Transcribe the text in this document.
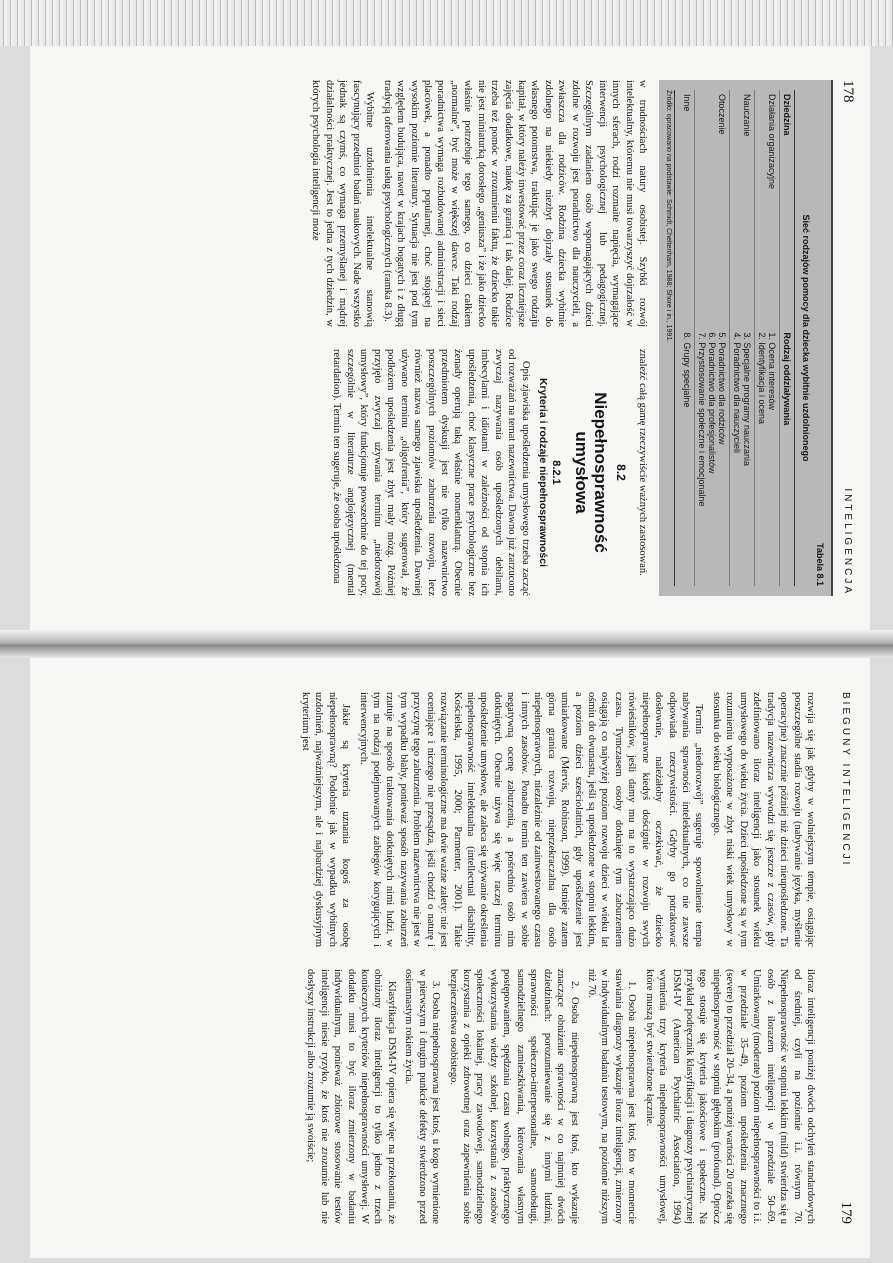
178
INTELIGENCJA
Tabela 8.1
Sieć rodzajów pomocy dla dziecka wybitnie uzdolnionego
Dziedzina
Rodzaj oddziaływania
Działania organizacyjne
1. Ocena interesów
2. Identyfikacja i ocena
Nauczanie
3. Specjalne programy nauczania
4. Poradnictwo dla nauczycieli
Otoczenie
5. Poradnictwo dla rodziców
6. Poradnictwo dla profesjonalistów
7. Przystosowanie społeczne i emocjonalne
Inne
8. Grupy specjalne
Źródło: opracowano na podstawie: Schmidt, Cheltenham, 1988; Shore i in., 1991.

w trudnościach natury osobistej. Szybki rozwój intelektualny, któremu nie musi towarzyszyć dojrzałość w innych sferach, rodzi rozmaite napięcia, wymagające interwencji psychologicznej lub pedagogicznej. Szczególnym zadaniem osób wspomagających dzieci zdolne w rozwoju jest poradnictwo dla nauczycieli, a zwłaszcza dla rodziców. Rodzina dziecka wybitnie zdolnego na niekiedy niezbyt dojrzały stosunek do własnego potomstwa, traktując je jako swego rodzaju kapitał, w który należy inwestować przez coraz liczniejsze zajęcia dodatkowe, naukę za granicą i tak dalej. Rodzice trzeba też pomóc w zrozumieniu faktu, że dziecko takie nie jest miniaturką dorosłego „geniusza” i że jako dziecko właśnie potrzebuje tego samego, co dzieci całkiem „normalne”, być może w większej dawce. Taki rodzaj poradnictwa wymaga rozbudowanej administracji i sieci placówek, a ponadto popularnej, choć stojącej na wysokim poziomie literatury. Sytuacja nie jest pod tym względem budująca, nawet w krajach bogatych i z długą tradycją oferowania usług psychologicznych (ramka 8.3).

Wybitne uzdolnienia intelektualne stanowią fascynujący przedmiot badań naukowych. Nade wszystko jednak są czymś, co wymaga przemyślanej i mądrej działalności praktycznej. Jest to jedna z tych dziedzin, w których psychologia inteligencji może

znaleźć całą gamę rzeczywiście ważnych zastosowań.

8.2
Niepełnosprawność umysłowa
8.2.1
Kryteria i rodzaje niepełnosprawności

Opis zjawiska upośledzenia umysłowego trzeba zacząć od rozważań na temat nazewnictwa. Dawno już zarzucono zwyczaj nazywania osób upośledzonych debilami, imbecylami i idiotami w zależności od stopnia ich upośledzenia, choć klasyczne prace psychologiczne bez żenady operują taką właśnie nomenklaturą. Obecnie przedmiotem dyskusji jest nie tylko nazewnictwo poszczególnych poziomów zaburzenia rozwoju, lecz również nazwa samego zjawiska upośledzenia. Dawniej używano terminu „oligofrenia”, który sugerował, że podłożem upośledzenia jest zbyt mały mózg. Później przyjęto zwyczaj używania terminu „niedorozwój umysłowy”, który funkcjonuje powszechnie do tej pory, szczególnie w literaturze anglojęzycznej (mental retardation). Termin ten sugeruje, że osoba upośledzona

BIEGUNY INTELIGENCJI
179

rozwija się jak gdyby w wolniejszym tempie, osiągając poszczególne stadia rozwoju (nabywanie języka, myślenie operacyjne) znacznie później niż dzieci nieupośledzone. Ta tradycja nazewnicza wywodzi się jeszcze z czasów, gdy zdefiniowano iloraz inteligencji jako stosunek wieku umysłowego do wieku życia. Dzieci upośledzone są w tym rozumieniu wyposażone w zbyt niski wiek umysłowy w stosunku do wieku biologicznego.

Termin „niedorozwój” sugeruje spowolnienie tempa nabywania sprawności intelektualnych, co nie zawsze odpowiada rzeczywistości. Gdyby go potraktować dosłownie, należałoby oczekiwać, że dziecko niepełnosprawne kiedyś doścignie w rozwoju swych rówieśników, jeśli damy mu na to wystarczająco dużo czasu. Tymczasem osoby dotknięte tym zaburzeniem osiągają co najwyżej poziom rozwoju dzieci w wieku lat ośmiu do dwunastu, jeśli są upośledzone w stopniu lekkim, a poziom dzieci sześciolatnich, gdy upośledzenie jest umiarkowane (Mervis, Robinson, 1999). Istnieje zatem górna granica rozwoju, nieprzekraczalna dla osób niepełnosprawnych, niezależnie od zainwestowanego czasu i innych zasobów. Ponadto termin ten zawiera w sobie negatywną ocenę zaburzenia, a pośrednio osób nim dotkniętych. Obecnie używa się więc raczej terminu upośledzenie umysłowe, ale zaleca się używanie określenia niepełnosprawność intelektualna (intellectual disability, Kościelska, 1995, 2000; Parmenter, 2001). Takie rozwiązanie terminologiczne ma dwie ważne zalety: nie jest oceniające i niczego nie przesądza, jeśli chodzi o naturę i przyczynę tego zaburzenia. Problem nazewnictwa nie jest w tym wypadku błahy, ponieważ sposób nazywania zaburzeń rzutuje na sposób traktowania dotkniętych nimi ludzi, w tym na rodzaj podejmowanych zabiegów korygujących i interwencyjnych.

Jakie są kryteria uznania kogoś za osobę niepełnosprawną? Podobnie jak w wypadku wybitnych uzdolnień, najważniejszym, ale i najbardziej dyskusyjnym kryterium jest

iloraz inteligencji poniżej dwóch odchyleń standardowych od średniej, czyli na poziomie i.i. równym 70. Niepełnosprawność w stopniu lekkim (mild) stwierdza się u osób z ilorazem inteligencji w przedziale 50–69. Umiarkowany (moderate) poziom niepełnosprawności to i.i. w przedziale 35–49, poziom upośledzenia znacznego (severe) to przedział 20–34, a poniżej wartości 20 orzeka się niepełnosprawność w stopniu głębokim (profound). Oprócz tego stosuje się kryteria jakościowe i społeczne. Na przykład podręcznik klasyfikacji i diagnozy psychiatrycznej DSM-IV (American Psychiatric Association, 1994) wymienia trzy kryteria niepełnosprawności umysłowej, które muszą być stwierdzone łącznie.

1. Osoba niepełnosprawna jest ktoś, kto w momencie stawiania diagnozy wykazuje iloraz inteligencji, zmierzony w indywidualnym badaniu testowym, na poziomie niższym niż 70.

2. Osoba niepełnosprawną jest ktoś, kto wykazuje znaczące obniżenie sprawności w co najmniej dwóch dziedzinach: porozumiewanie się z innymi ludźmi, sprawności społeczno-interpersonalne, samoobsługi, samodzielnego zamieszkiwania, kierowania własnym postępowaniem, spędzania czasu wolnego, praktycznego wykorzystania wiedzy szkolnej, korzystania z zasobów społeczności lokalnej, pracy zawodowej, samodzielnego korzystania z opieki zdrowotnej oraz zapewnienia sobie bezpieczeństwa osobistego.

3. Osoba niepełnosprawna jest ktoś, u kogo wymienione w pierwszym i drugim punkcie defekty stwierdzono przed osiemnastym rokiem życia.

Klasyfikacja DSM-IV opiera się więc na przekonaniu, że obniżony iloraz inteligencji to tylko jedno z trzech koniecznych kryteriów niepełnosprawności umysłowej. W dodatku musi to być iloraz zmierzony w badaniu indywidualnym, ponieważ zbiorowe stosowanie testów inteligencji niesie ryzyko, że ktoś nie zrozumie lub nie dosłyszy instrukcji albo zrozumie ją swoiście;
